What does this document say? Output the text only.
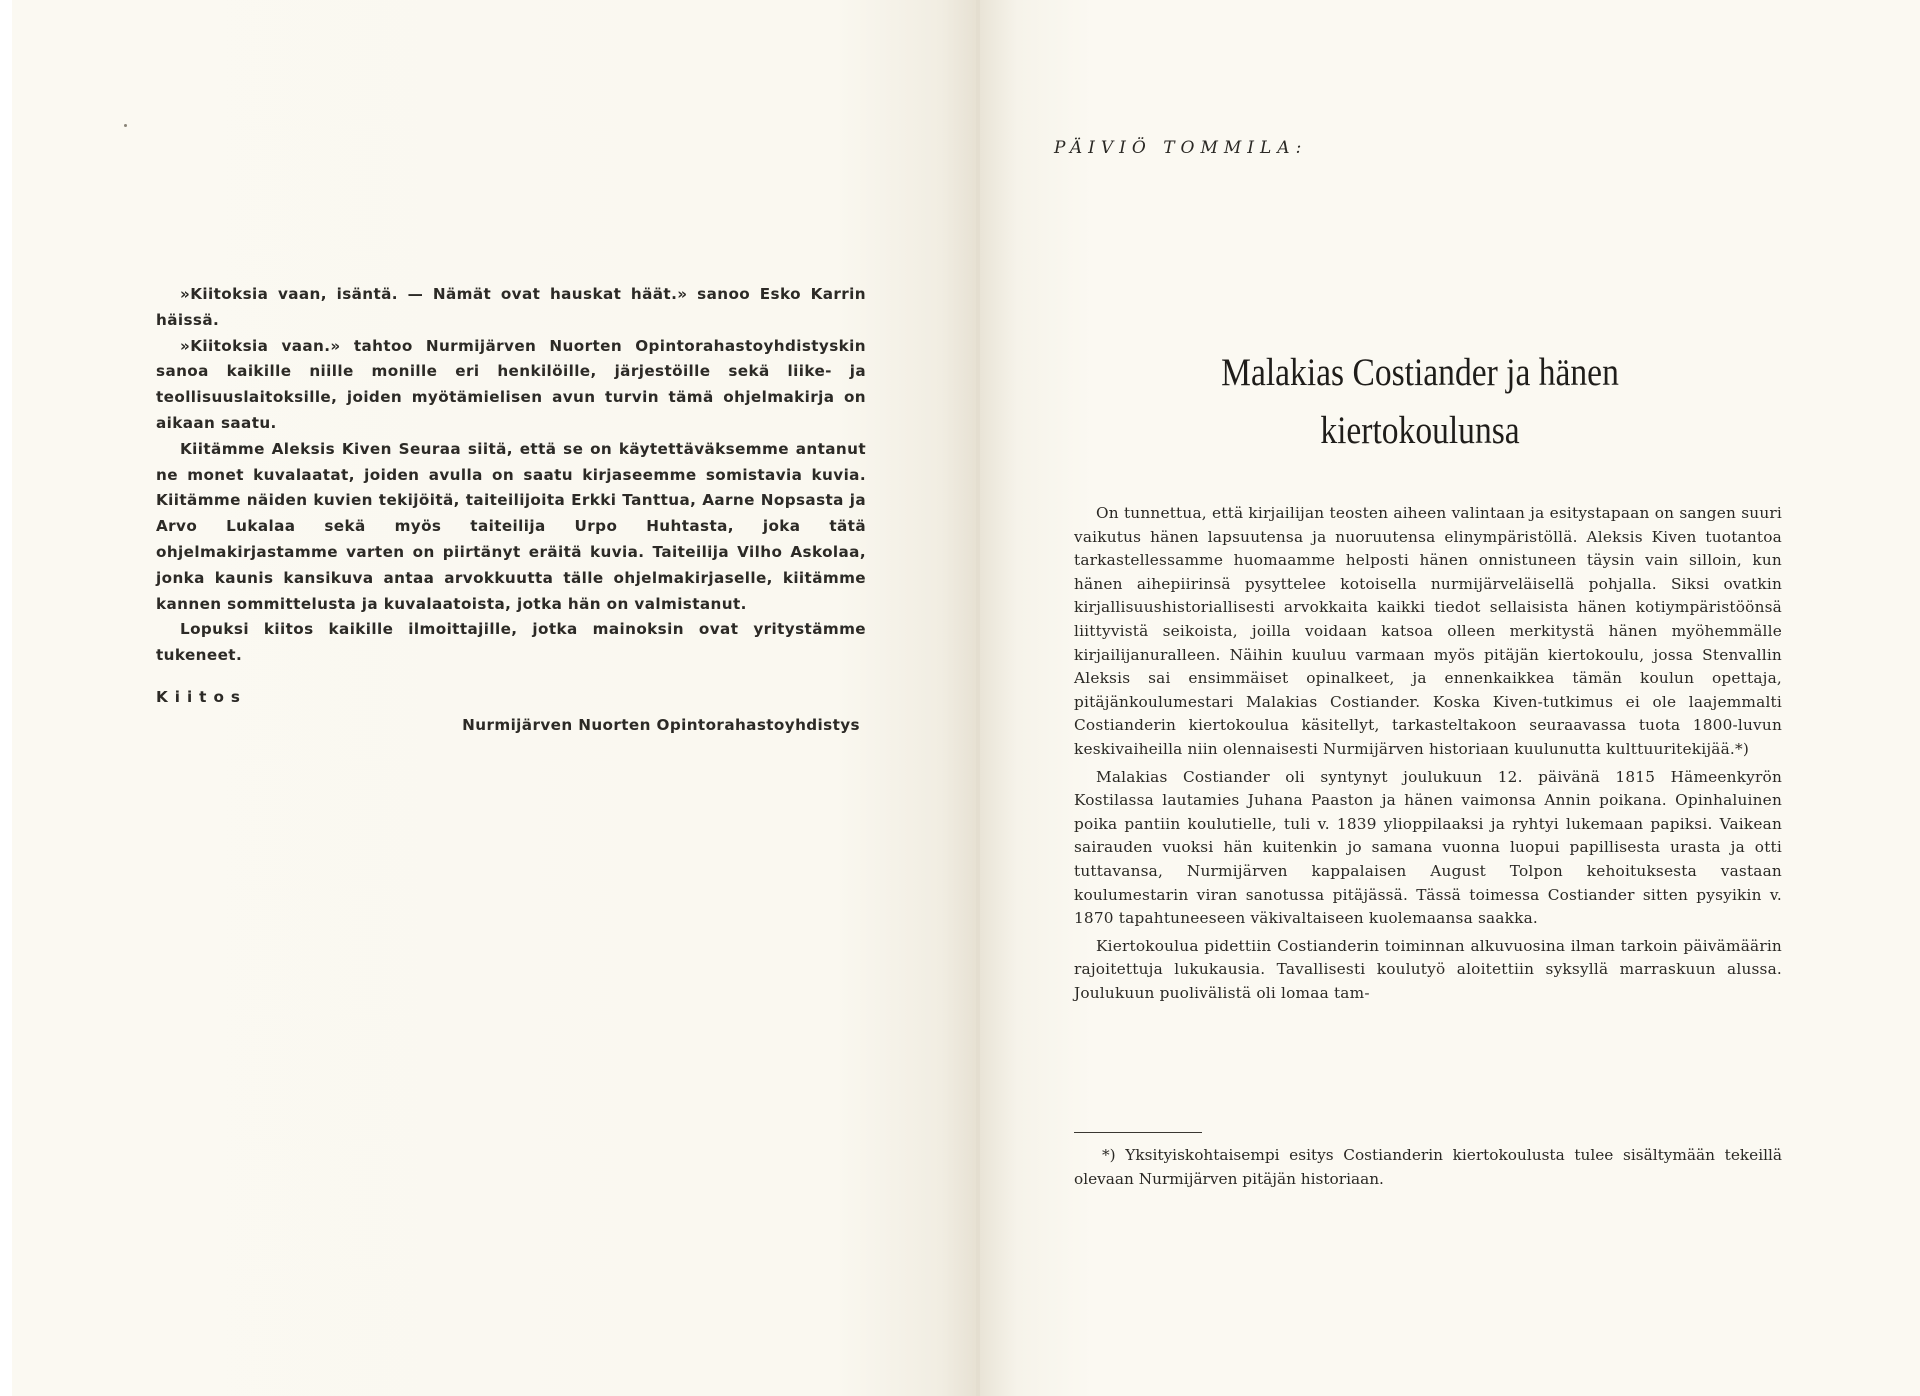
»Kiitoksia vaan, isäntä. — Nämät ovat hauskat häät.» sanoo Esko Karrin häissä.

»Kiitoksia vaan.» tahtoo Nurmijärven Nuorten Opintorahastoyhdistyskin sanoa kaikille niille monille eri henkilöille, järjestöille sekä liike- ja teollisuuslaitoksille, joiden myötämielisen avun turvin tämä ohjelmakirja on aikaan saatu.

Kiitämme Aleksis Kiven Seuraa siitä, että se on käytettäväksemme antanut ne monet kuvalaatat, joiden avulla on saatu kirjaseemme somistavia kuvia. Kiitämme näiden kuvien tekijöitä, taiteilijoita Erkki Tanttua, Aarne Nopsasta ja Arvo Lukalaa sekä myös taiteilija Urpo Huhtasta, joka tätä ohjelmakirjastamme varten on piirtänyt eräitä kuvia. Taiteilija Vilho Askolaa, jonka kaunis kansikuva antaa arvokkuutta tälle ohjelmakirjaselle, kiitämme kannen sommittelusta ja kuvalaatoista, jotka hän on valmistanut.

Lopuksi kiitos kaikille ilmoittajille, jotka mainoksin ovat yritystämme tukeneet.

Kiitos

Nurmijärven Nuorten Opintorahastoyhdistys

PÄIVIÖ TOMMILA:
Malakias Costiander ja hänen
kiertokoulunsa

On tunnettua, että kirjailijan teosten aiheen valintaan ja esitystapaan on sangen suuri vaikutus hänen lapsuutensa ja nuoruutensa elinympäristöllä. Aleksis Kiven tuotantoa tarkastellessamme huomaamme helposti hänen onnistuneen täysin vain silloin, kun hänen aihepiirinsä pysyttelee kotoisella nurmijärveläisellä pohjalla. Siksi ovatkin kirjallisuushistoriallisesti arvokkaita kaikki tiedot sellaisista hänen kotiympäristöönsä liittyvistä seikoista, joilla voidaan katsoa olleen merkitystä hänen myöhemmälle kirjailijanuralleen. Näihin kuuluu varmaan myös pitäjän kiertokoulu, jossa Stenvallin Aleksis sai ensimmäiset opinalkeet, ja ennenkaikkea tämän koulun opettaja, pitäjänkoulumestari Malakias Costiander. Koska Kiven-tutkimus ei ole laajemmalti Costianderin kiertokoulua käsitellyt, tarkasteltakoon seuraavassa tuota 1800-luvun keskivaiheilla niin olennaisesti Nurmijärven historiaan kuulunutta kulttuuritekijää.*)

Malakias Costiander oli syntynyt joulukuun 12. päivänä 1815 Hämeenkyrön Kostilassa lautamies Juhana Paaston ja hänen vaimonsa Annin poikana. Opinhaluinen poika pantiin koulutielle, tuli v. 1839 ylioppilaaksi ja ryhtyi lukemaan papiksi. Vaikean sairauden vuoksi hän kuitenkin jo samana vuonna luopui papillisesta urasta ja otti tuttavansa, Nurmijärven kappalaisen August Tolpon kehoituksesta vastaan koulumestarin viran sanotussa pitäjässä. Tässä toimessa Costiander sitten pysyikin v. 1870 tapahtuneeseen väkivaltaiseen kuolemaansa saakka.

Kiertokoulua pidettiin Costianderin toiminnan alkuvuosina ilman tarkoin päivämäärin rajoitettuja lukukausia. Tavallisesti koulutyö aloitettiin syksyllä marraskuun alussa. Joulukuun puolivälistä oli lomaa tam-

*) Yksityiskohtaisempi esitys Costianderin kiertokoulusta tulee sisältymään tekeillä olevaan Nurmijärven pitäjän historiaan.
